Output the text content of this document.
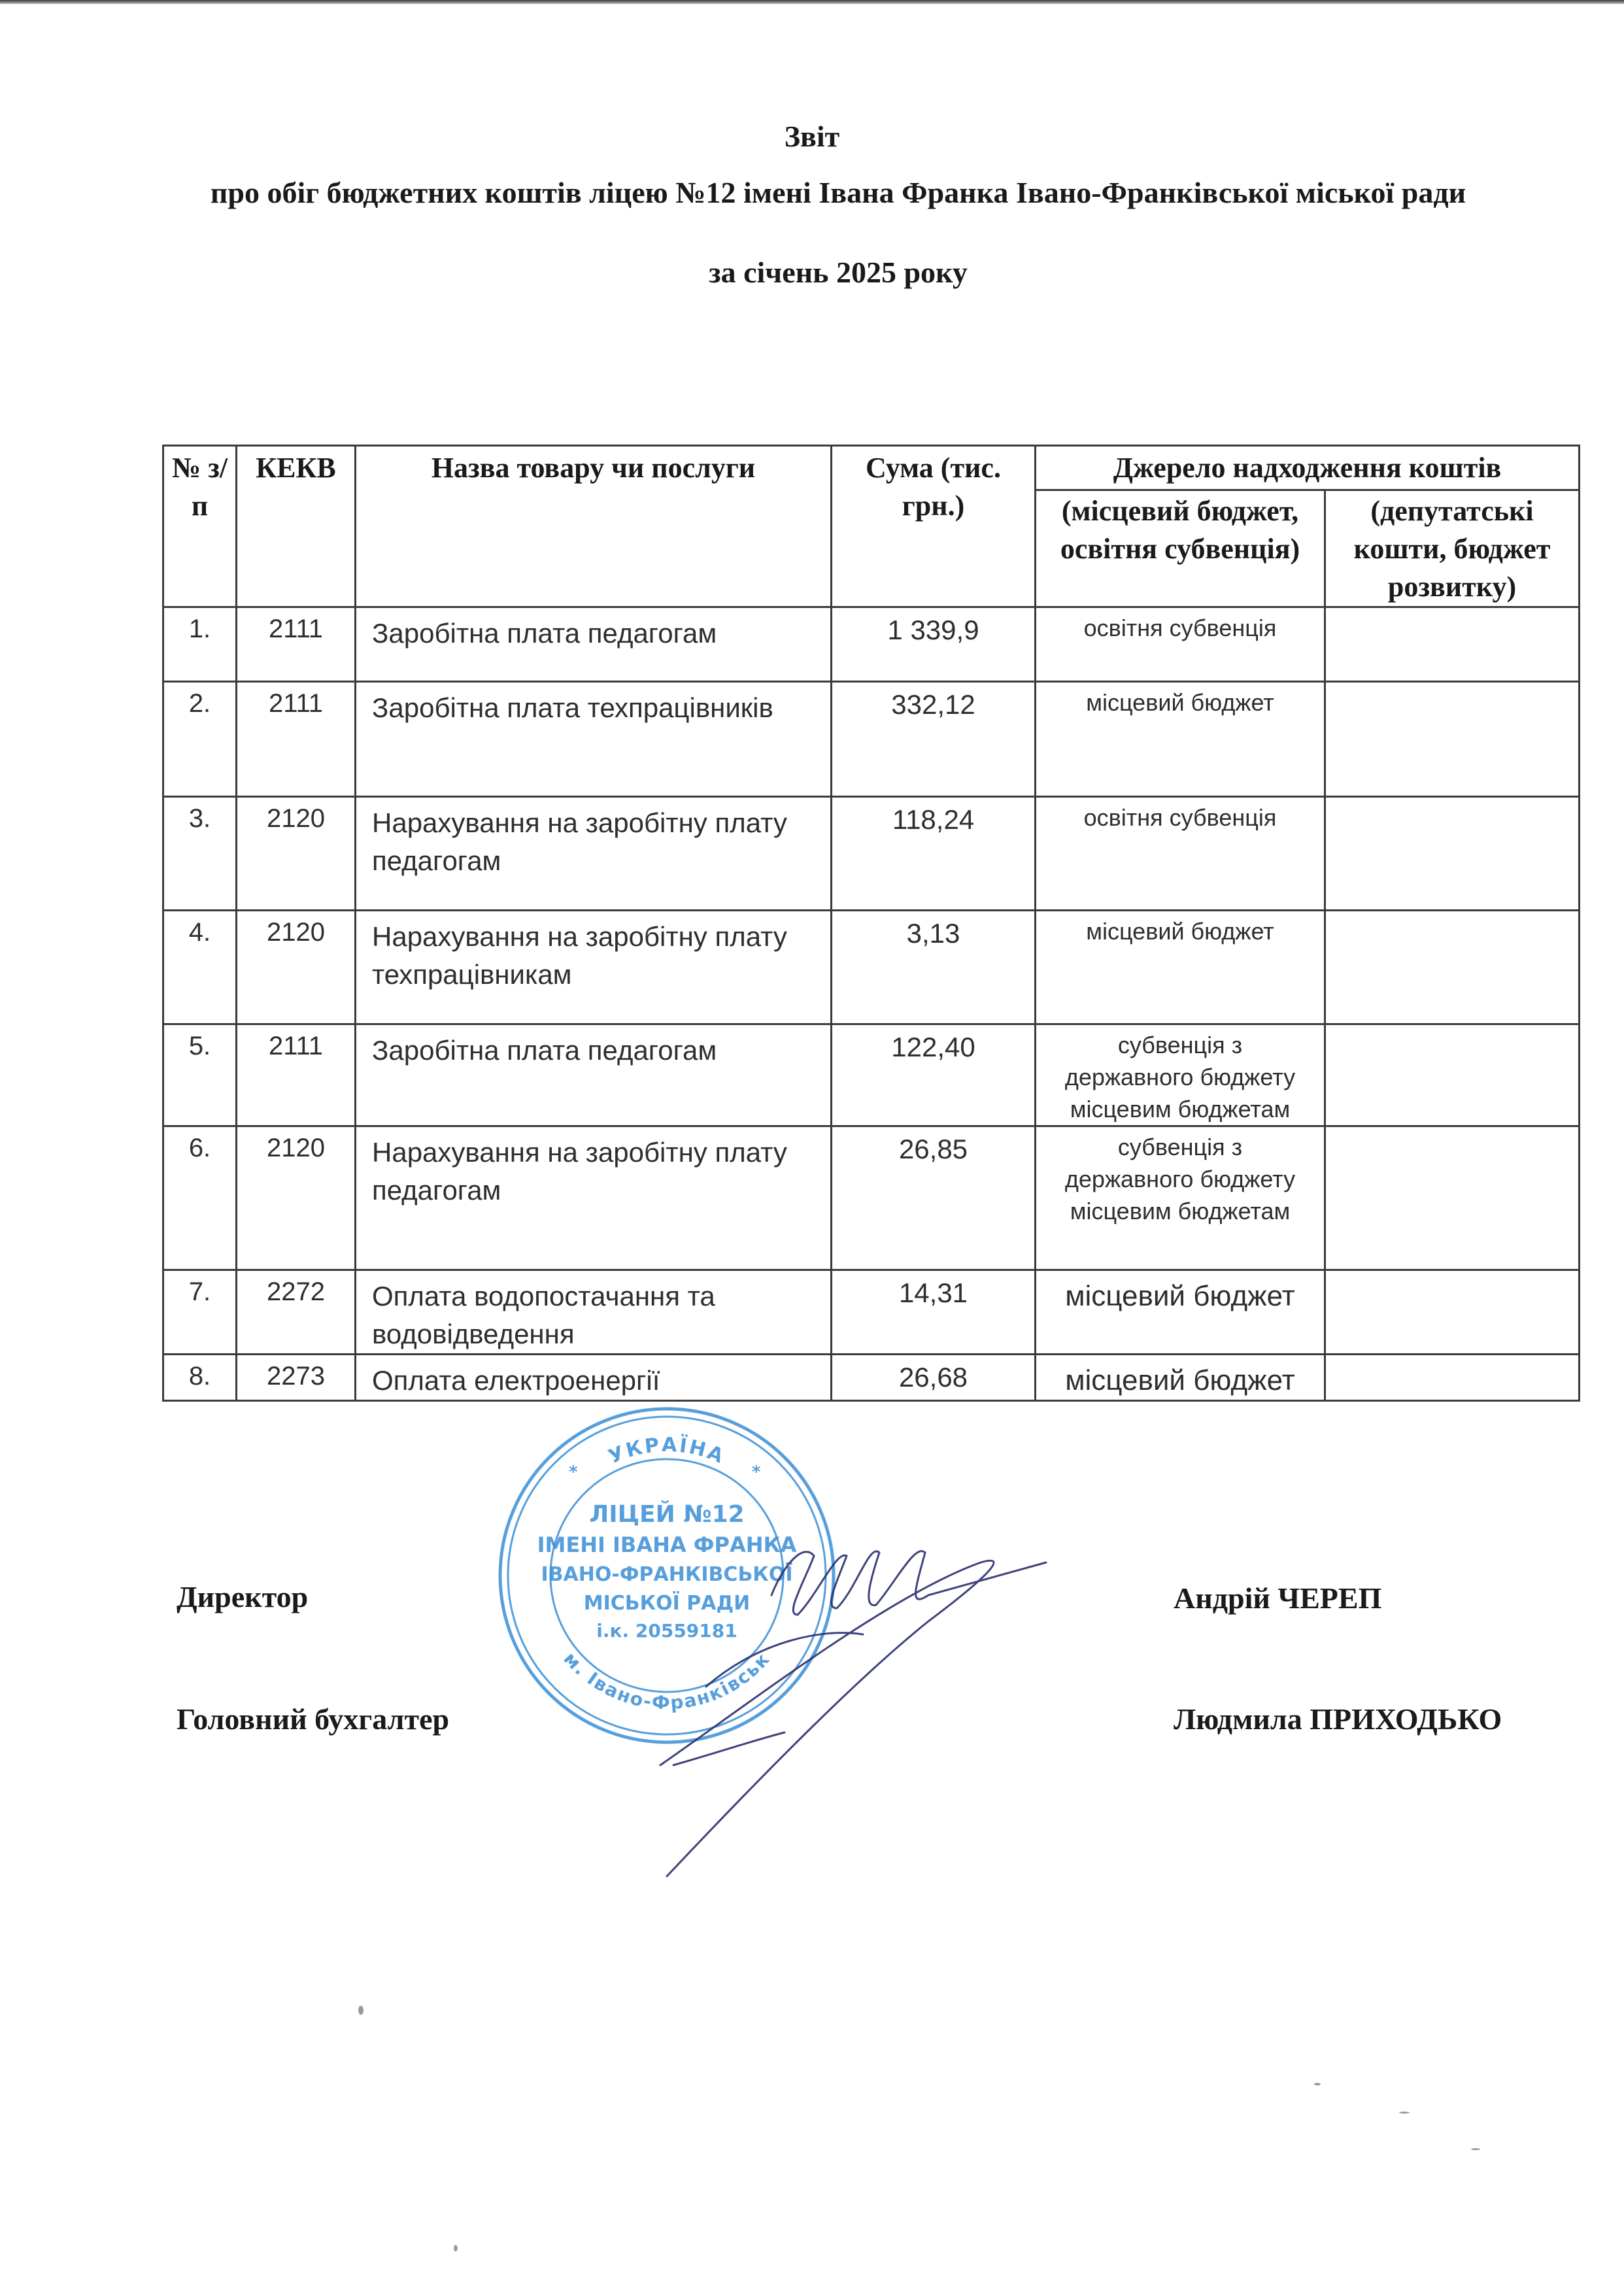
Звіт
про обіг бюджетних коштів ліцею №12 імені Івана Франка Івано-Франківської міської ради
за січень 2025 року
№ з/п	КЕКВ	Назва товару чи послуги	Сума (тис. грн.)	Джерело надходження коштів	
				(місцевий бюджет, освітня субвенція)	(депутатські кошти, бюджет розвитку)
1.	2111	Заробітна плата педагогам	1 339,9	освітня субвенція	
2.	2111	Заробітна плата техпрацівників	332,12	місцевий бюджет	
3.	2120	Нарахування на заробітну плату педагогам	118,24	освітня субвенція	
4.	2120	Нарахування на заробітну плату техпрацівникам	3,13	місцевий бюджет	
5.	2111	Заробітна плата педагогам	122,40	субвенція з державного бюджету місцевим бюджетам	
6.	2120	Нарахування на заробітну плату педагогам	26,85	субвенція з державного бюджету місцевим бюджетам	
7.	2272	Оплата водопостачання та водовідведення	14,31	місцевий бюджет	
8.	2273	Оплата електроенергії	26,68	місцевий бюджет	
УКРАЇНА
м. Івано-Франківськ
ЛІЦЕЙ №12
ІМЕНІ ІВАНА ФРАНКА
ІВАНО-ФРАНКІВСЬКОЇ
МІСЬКОЇ РАДИ
і.к. 20559181
*	*
Директор	Андрій ЧЕРЕП
Головний бухгалтер	Людмила ПРИХОДЬКО
